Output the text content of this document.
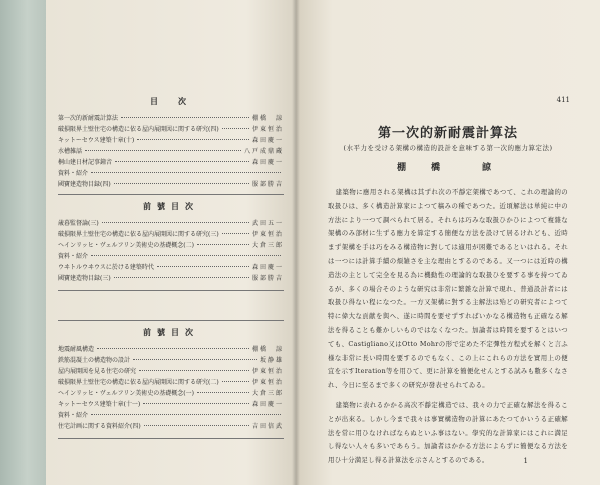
目　次
第一次的新耐震計算法	棚橋　諒
破損限界土壁住宅の構造に依る屋内展開図に関する研究(四)	伊東恒治
キットーセウス建築十章(十)	森田慶一
水槽雑話	八戸成鼎蔵
桐山建日材記事鐘音	森田慶一
資料・紹介
國寶建造物目録(四)	服部勝吉
前號目次
歳暮監督論(三)	武田五一
破損限界土壁住宅の構造に依る屋内展開図に関する研究(三)	伊東恒治
ヘインリッヒ・ヴェルフリン美術史の基礎概念(二)	大倉三郎
資料・紹介
ウヰトルウヰウスに於ける建築時代	森田慶一
國寶建造物目録(三)	服部勝吉
前號目次
地震耐風構造	棚橋　諒
鉄筋混凝土の構造物の設計	坂静雄
屋内展開図を見る住宅の研究	伊東恒治
破損限界土壁住宅の構造に依る屋内展開図に関する研究(二)	伊東恒治
ヘインリッヒ・ヴェルフリン美術史の基礎概念(一)	大倉三郎
キットーセウス建築十章(十一)	森田慶一
資料・紹介
住宅計画に関する資料紹介(四)	吉田信武
411
第一次的新耐震計算法
(水平力を受ける架構の構造的設計を意味する第一次的應力算定法)
棚　橋　　諒

建築物に應用される架構は其ずれ次の不靜定架構であつて、これの理論的の取扱ひは、多く構造計算家によつて稿みの種であつた。近頃解法は単純に中の方法により一つて調べられて居る。それらは巧みな取扱ひかひによつて複雜な架構のみ部材に生ずる應力を算定する簡便な方法を設けて居るけれども、近時まず架構を手は巧をみる構造物に對しては適用が困難であるといはれる。それは一つには計算手續の煩雑さを主な理由とするのである。又一つには近時の構造法の主として完全を見る為に機動性の理論的な取扱ひを要する事を持つてゐるが、多くの場合そのような研究は非常に繁雜な計算で現れ、普通設計者には取扱ひ得ない程になつた。一方又架構に對する主解法は殆どの研究者によつて特に偉大な貢献を與へ、遂に時間を要せずすればいかなる構造物も正確なる解法を得ることも難かしいものではなくなつた。加論者は時間を要するとはいつても、Castigliano又はOtto Mohrの形で定めた不定彈性方程式を解くと言ふ様な非常に長い時間を要するのでもなく、この上にこれらの方法を實用上の便宜を示すIteration等を用ひて、更に計算を簡便化せんとする試みも數多くなされ、今日に至るまで多くの研究が發表せられてゐる。

建築物に表れるかかる高次不靜定構造では、我々の力で正確な解法を得ることが出來る。しかし今まで我々は事實構造物の計算にあたつてかいうる正確解法を常に用ひなければならぬといふ事はない。學究的な計算家にはこれに満足し得ない人々も多いであらう。加論者はかかる方法によらずに簡便なる方法を用ひ十分満足し得る計算法を示さんとするのである。	1
